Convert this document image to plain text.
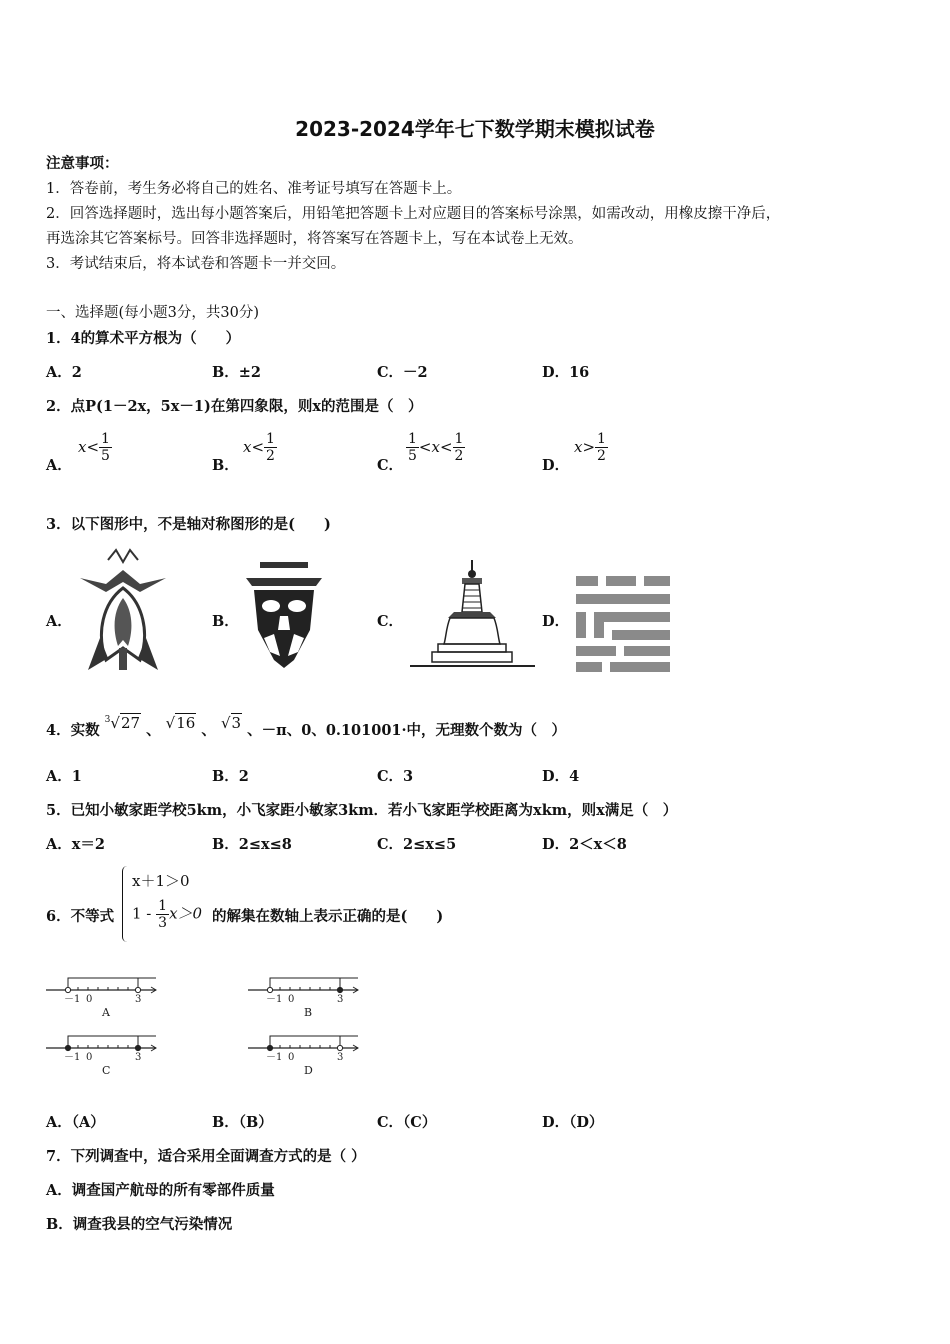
2023-2024学年七下数学期末模拟试卷
注意事项：
1．答卷前，考生务必将自己的姓名、准考证号填写在答题卡上。
2．回答选择题时，选出每小题答案后，用铅笔把答题卡上对应题目的答案标号涂黑，如需改动，用橡皮擦干净后，
再选涂其它答案标号。回答非选择题时，将答案写在答题卡上，写在本试卷上无效。
3．考试结束后，将本试卷和答题卡一并交回。
一、选择题(每小题3分，共30分)
1．4的算术平方根为（　　）
A．2	B．±2	C．－2	D．16
2．点P(1－2x，5x－1)在第四象限，则x的范围是（　）
A．
$x< \frac{1}{5}$
B．
$x< \frac{1}{2}$
C．
$\frac{1}{5} <x< \frac{1}{2}$
D．
$x> \frac{1}{2}$
3．以下图形中，不是轴对称图形的是(　　)
A．	B．	C．	D．
4．实数 $^3$√27 、 √16 、 √3 、－π、0、0.101001·中，无理数个数为（　）
A．1	B．2	C．3	D．4
5．已知小敏家距学校5km，小飞家距小敏家3km．若小飞家距学校距离为xkm，则x满足（　）
A．x＝2	B．2≤x≤8	C．2≤x≤5	D．2＜x＜8
6．不等式
x＋1＞0
$1 - \frac{1}{3} x>0$ 的解集在数轴上表示正确的是(　　)
－1 0	3
A
－1 0	3
B
－1 0	3
C
－1 0	3
D
A．（A）	B．（B）	C．（C）	D．（D）
7．下列调查中，适合采用全面调查方式的是（ ）
A．调查国产航母的所有零部件质量
B．调查我县的空气污染情况
